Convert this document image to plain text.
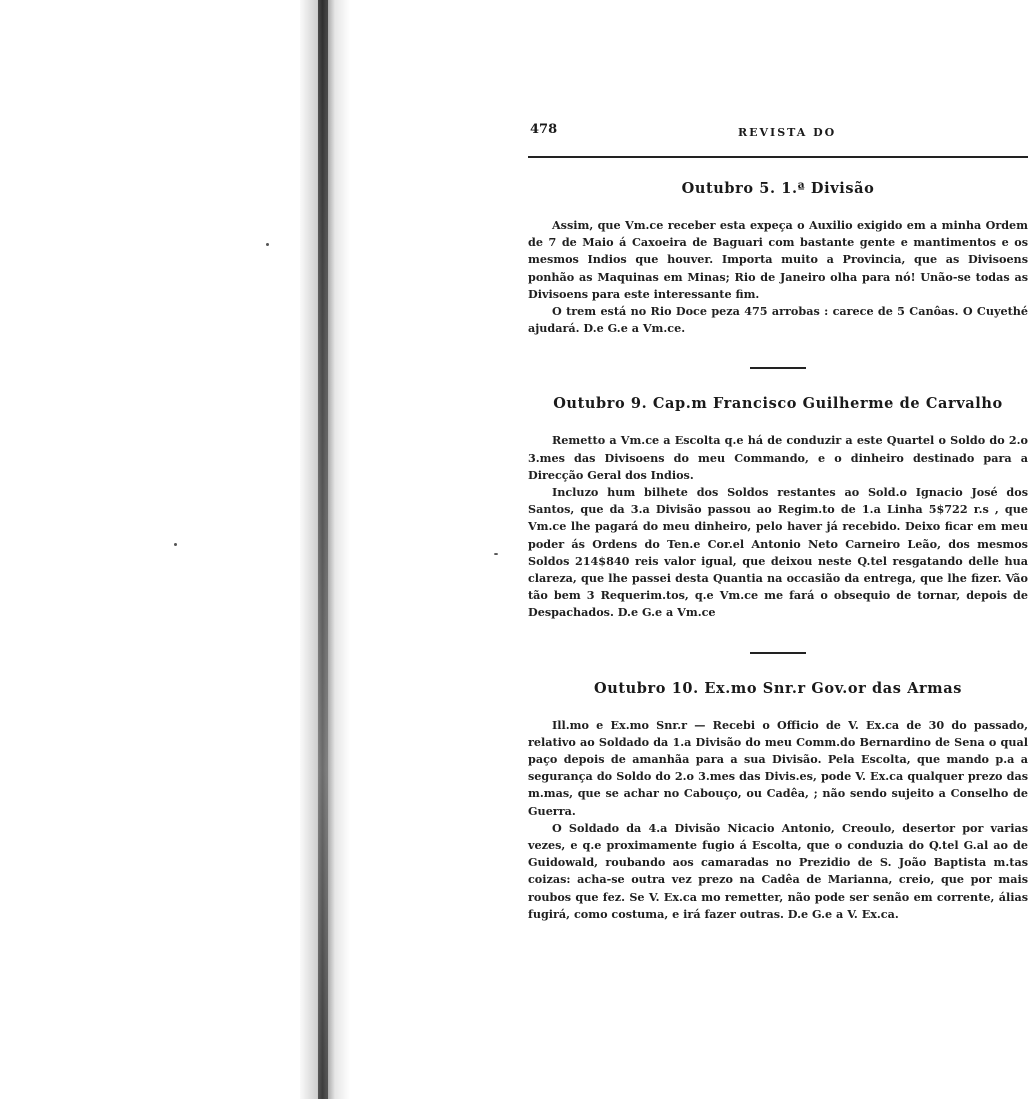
478	REVISTA DO
Outubro 5. 1.ª Divisão

Assim, que Vm.ce receber esta expeça o Auxilio exigido em a minha Ordem de 7 de Maio á Caxoeira de Baguari com bastante gente e mantimentos e os mesmos Indios que houver. Importa muito a Provincia, que as Divisoens ponhão as Maquinas em Minas; Rio de Janeiro olha para nó! Unão-se todas as Divisoens para este interessante fim.

O trem está no Rio Doce peza 475 arrobas : carece de 5 Canôas. O Cuyethé ajudará. D.e G.e a Vm.ce.

Outubro 9. Cap.m Francisco Guilherme de Carvalho

Remetto a Vm.ce a Escolta q.e há de conduzir a este Quartel o Soldo do 2.o 3.mes das Divisoens do meu Commando, e o dinheiro destinado para a Direcção Geral dos Indios.

Incluzo hum bilhete dos Soldos restantes ao Sold.o Ignacio José dos Santos, que da 3.a Divisão passou ao Regim.to de 1.a Linha 5$722 r.s , que Vm.ce lhe pagará do meu dinheiro, pelo haver já recebido. Deixo ficar em meu poder ás Ordens do Ten.e Cor.el Antonio Neto Carneiro Leão, dos mesmos Soldos 214$840 reis valor igual, que deixou neste Q.tel resgatando delle hua clareza, que lhe passei desta Quantia na occasião da entrega, que lhe fizer. Vão tão bem 3 Requerim.tos, q.e Vm.ce me fará o obsequio de tornar, depois de Despachados. D.e G.e a Vm.ce

Outubro 10. Ex.mo Snr.r Gov.or das Armas

Ill.mo e Ex.mo Snr.r — Recebi o Officio de V. Ex.ca de 30 do passado, relativo ao Soldado da 1.a Divisão do meu Comm.do Bernardino de Sena o qual paço depois de amanhãa para a sua Divisão. Pela Escolta, que mando p.a a segurança do Soldo do 2.o 3.mes das Divis.es, pode V. Ex.ca qualquer prezo das m.mas, que se achar no Cabouço, ou Cadêa, ; não sendo sujeito a Conselho de Guerra.

O Soldado da 4.a Divisão Nicacio Antonio, Creoulo, desertor por varias vezes, e q.e proximamente fugio á Escolta, que o conduzia do Q.tel G.al ao de Guidowald, roubando aos camaradas no Prezidio de S. João Baptista m.tas coizas: acha-se outra vez prezo na Cadêa de Marianna, creio, que por mais roubos que fez. Se V. Ex.ca mo remetter, não pode ser senão em corrente, álias fugirá, como costuma, e irá fazer outras. D.e G.e a V. Ex.ca.
